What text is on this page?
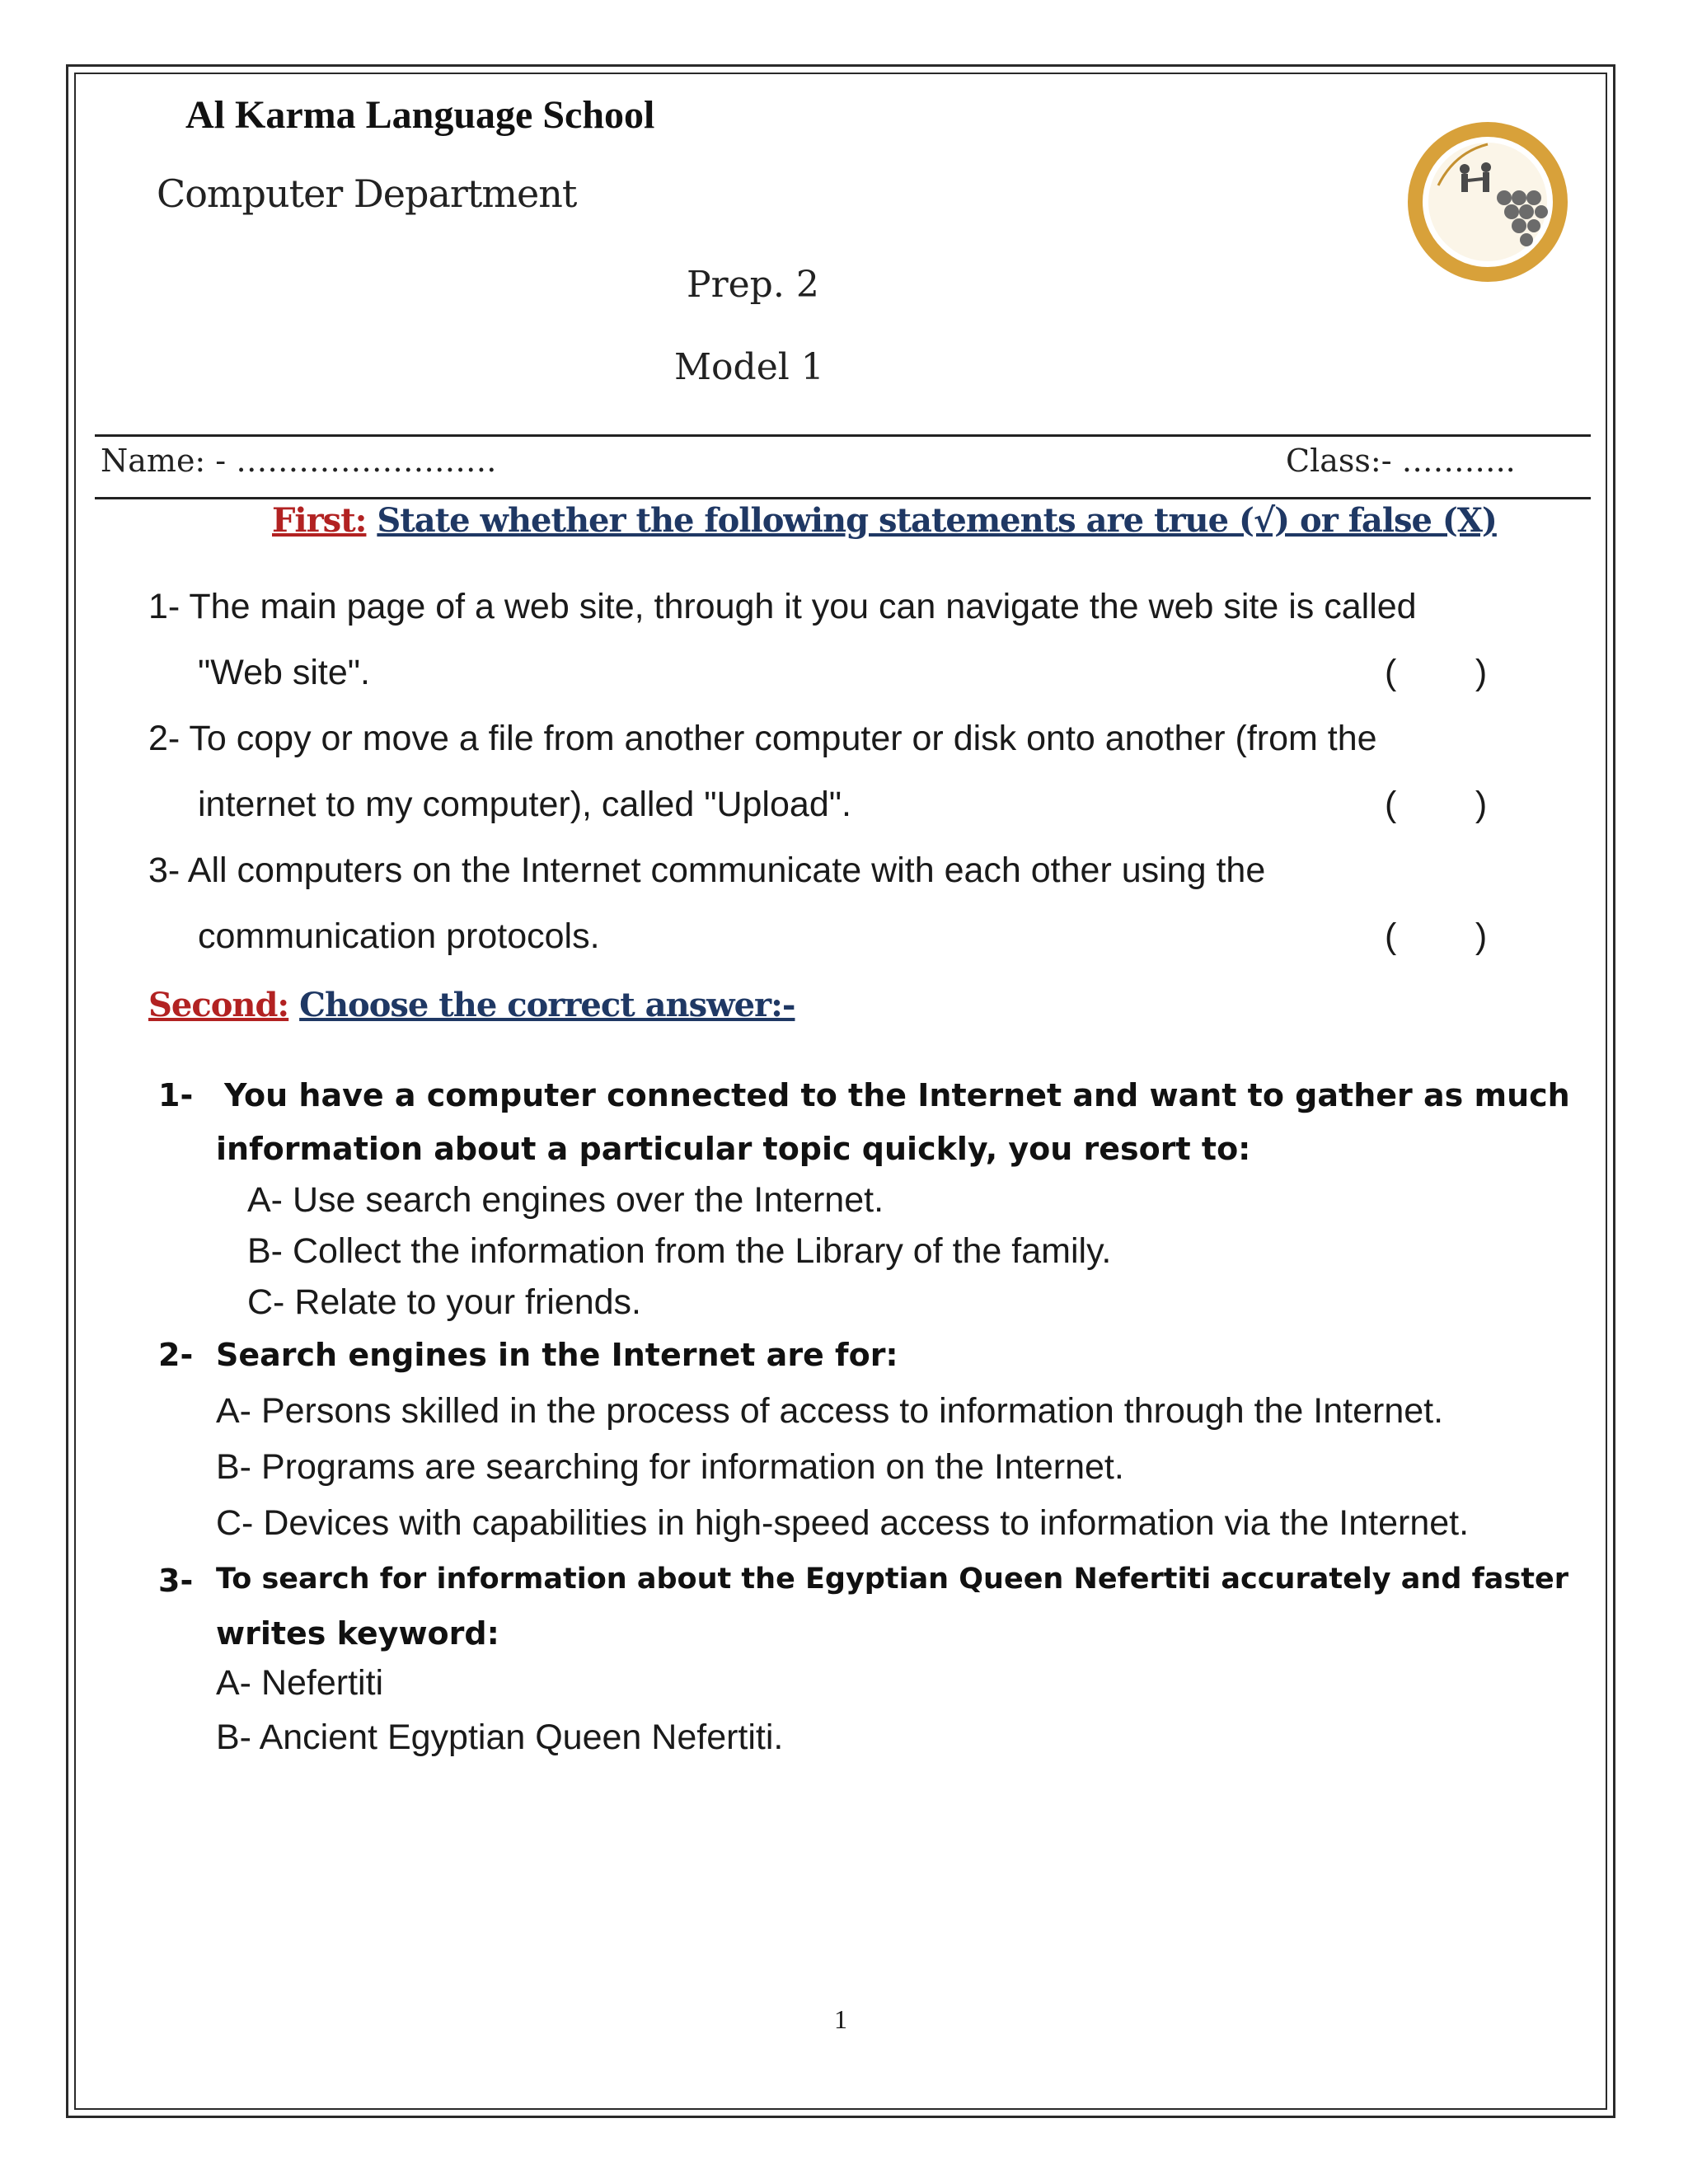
Al Karma Language School

Computer Department

Prep. 2

Model 1

Name: - …………………….	Class:- ………..

First: State whether the following statements are true (√) or false (X)

1- The main page of a web site, through it you can navigate the web site is called

"Web site".	(        )

2- To copy or move a file from another computer or disk onto another (from the

internet to my computer), called "Upload".	(        )

3- All computers on the Internet communicate with each other using the

communication protocols.	(        )

Second: Choose the correct answer:-

1- You have a computer connected to the Internet and want to gather as much

information about a particular topic quickly, you resort to:

A- Use search engines over the Internet.

B- Collect the information from the Library of the family.

C- Relate to your friends.

2- Search engines in the Internet are for:

A- Persons skilled in the process of access to information through the Internet.

B- Programs are searching for information on the Internet.

C- Devices with capabilities in high-speed access to information via the Internet.

3- To search for information about the Egyptian Queen Nefertiti accurately and faster

writes keyword:

A- Nefertiti

B- Ancient Egyptian Queen Nefertiti.

1
